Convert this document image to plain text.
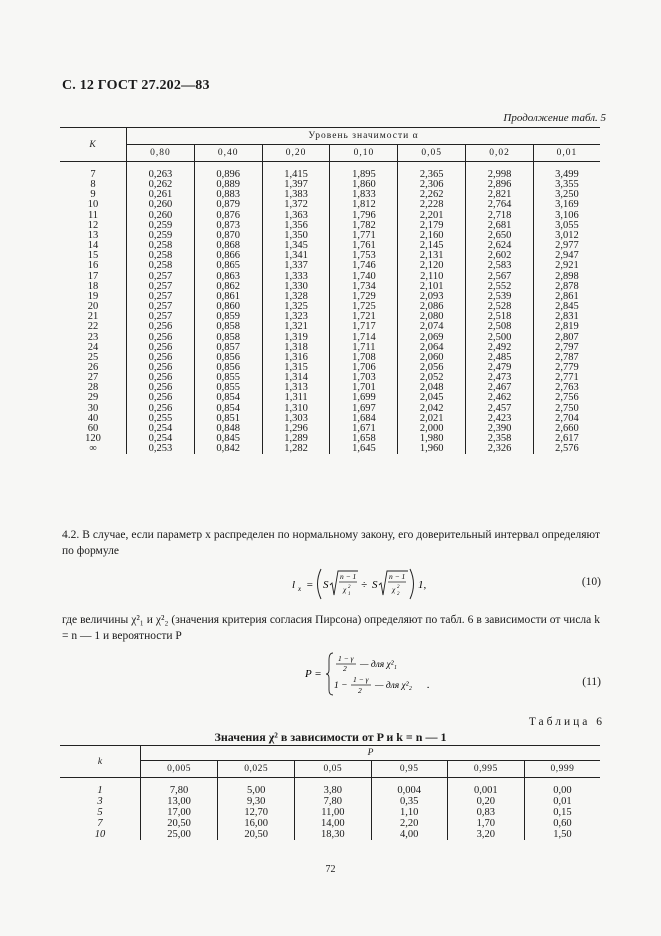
С. 12 ГОСТ 27.202—83
Продолжение табл. 5
K	Уровень значимости α						
	0,80	0,40	0,20	0,10	0,05	0,02	0,01
7	0,263	0,896	1,415	1,895	2,365	2,998	3,499
8	0,262	0,889	1,397	1,860	2,306	2,896	3,355
9	0,261	0,883	1,383	1,833	2,262	2,821	3,250
10	0,260	0,879	1,372	1,812	2,228	2,764	3,169
11	0,260	0,876	1,363	1,796	2,201	2,718	3,106
12	0,259	0,873	1,356	1,782	2,179	2,681	3,055
13	0,259	0,870	1,350	1,771	2,160	2,650	3,012
14	0,258	0,868	1,345	1,761	2,145	2,624	2,977
15	0,258	0,866	1,341	1,753	2,131	2,602	2,947
16	0,258	0,865	1,337	1,746	2,120	2,583	2,921
17	0,257	0,863	1,333	1,740	2,110	2,567	2,898
18	0,257	0,862	1,330	1,734	2,101	2,552	2,878
19	0,257	0,861	1,328	1,729	2,093	2,539	2,861
20	0,257	0,860	1,325	1,725	2,086	2,528	2,845
21	0,257	0,859	1,323	1,721	2,080	2,518	2,831
22	0,256	0,858	1,321	1,717	2,074	2,508	2,819
23	0,256	0,858	1,319	1,714	2,069	2,500	2,807
24	0,256	0,857	1,318	1,711	2,064	2,492	2,797
25	0,256	0,856	1,316	1,708	2,060	2,485	2,787
26	0,256	0,856	1,315	1,706	2,056	2,479	2,779
27	0,256	0,855	1,314	1,703	2,052	2,473	2,771
28	0,256	0,855	1,313	1,701	2,048	2,467	2,763
29	0,256	0,854	1,311	1,699	2,045	2,462	2,756
30	0,256	0,854	1,310	1,697	2,042	2,457	2,750
40	0,255	0,851	1,303	1,684	2,021	2,423	2,704
60	0,254	0,848	1,296	1,671	2,000	2,390	2,660
120	0,254	0,845	1,289	1,658	1,980	2,358	2,617
∞	0,253	0,842	1,282	1,645	1,960	2,326	2,576
4.2. В случае, если параметр x распределен по нормальному закону, его доверительный интервал определяют по формуле
l x = S
n − 1
χ 2
1
÷ S
n − 1
χ 2
2
1,	(10)
где величины χ²₁ и χ²₂ (значения критерия согласия Пирсона) определяют по табл. 6 в зависимости от числа k = n — 1 и вероятности P
P =
1 − γ
2 — для χ²₁
1 −
1 − γ
2 — для χ²₂ .	(11)
Таблица 6
Значения χ² в зависимости от P и k = n — 1
k	P					
	0,005	0,025	0,05	0,95	0,995	0,999
1	7,80	5,00	3,80	0,004	0,001	0,00
3	13,00	9,30	7,80	0,35	0,20	0,01
5	17,00	12,70	11,00	1,10	0,83	0,15
7	20,50	16,00	14,00	2,20	1,70	0,60
10	25,00	20,50	18,30	4,00	3,20	1,50
72
